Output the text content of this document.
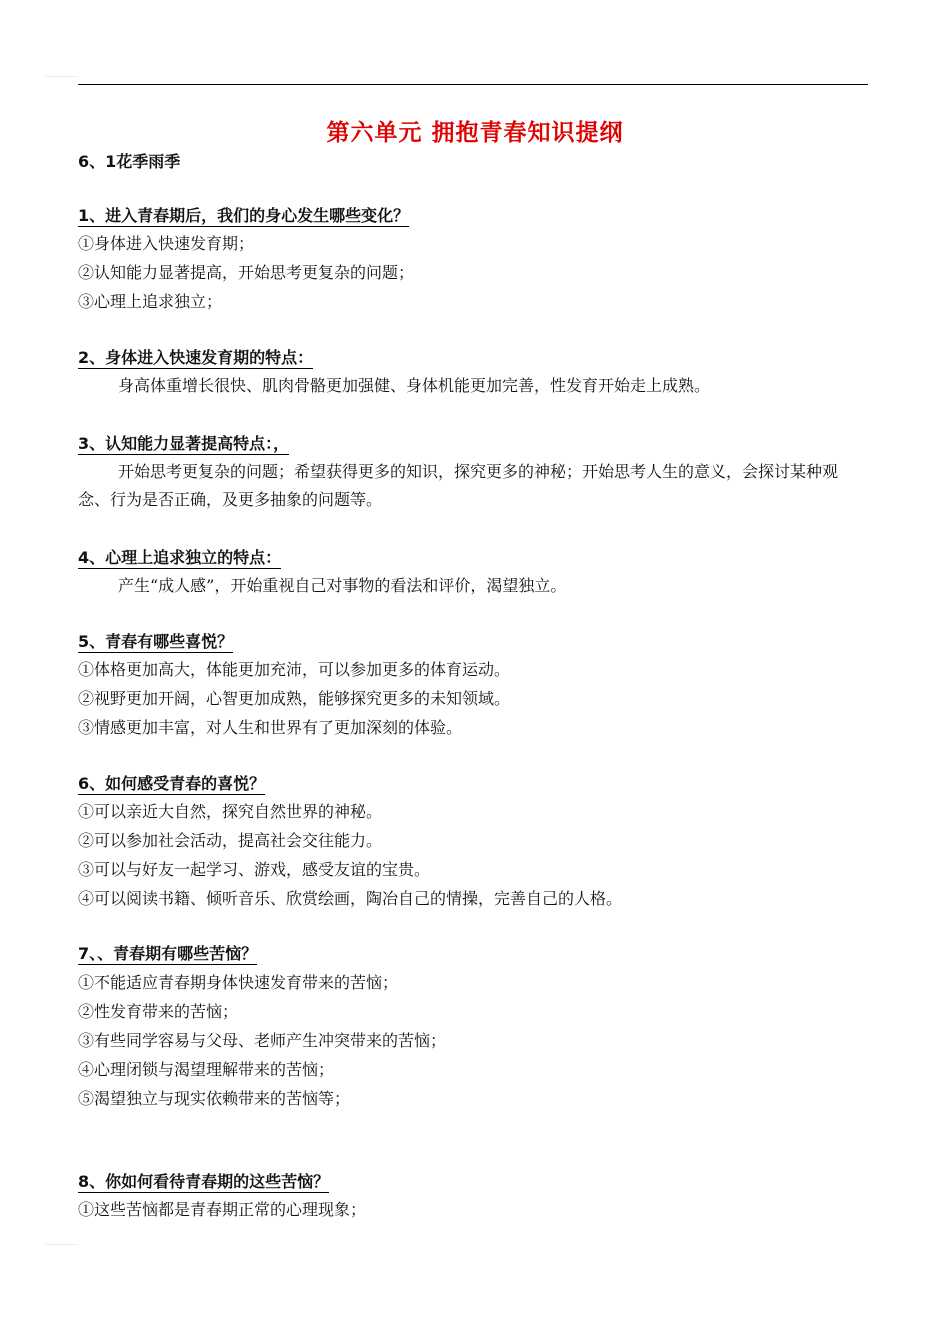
第六单元 拥抱青春知识提纲
6、1花季雨季
1、进入青春期后，我们的身心发生哪些变化？
①身体进入快速发育期；
②认知能力显著提高，开始思考更复杂的问题；
③心理上追求独立；
2、身体进入快速发育期的特点：
身高体重增长很快、肌肉骨骼更加强健、身体机能更加完善，性发育开始走上成熟。
3、认知能力显著提高特点：，
开始思考更复杂的问题；希望获得更多的知识，探究更多的神秘；开始思考人生的意义，会探讨某种观念、行为是否正确，及更多抽象的问题等。
4、心理上追求独立的特点：
产生“成人感”，开始重视自己对事物的看法和评价，渴望独立。
5、青春有哪些喜悦？
①体格更加高大，体能更加充沛，可以参加更多的体育运动。
②视野更加开阔，心智更加成熟，能够探究更多的未知领域。
③情感更加丰富，对人生和世界有了更加深刻的体验。
6、如何感受青春的喜悦？
①可以亲近大自然，探究自然世界的神秘。
②可以参加社会活动，提高社会交往能力。
③可以与好友一起学习、游戏，感受友谊的宝贵。
④可以阅读书籍、倾听音乐、欣赏绘画，陶冶自己的情操，完善自己的人格。
7、、青春期有哪些苦恼？
①不能适应青春期身体快速发育带来的苦恼；
②性发育带来的苦恼；
③有些同学容易与父母、老师产生冲突带来的苦恼；
④心理闭锁与渴望理解带来的苦恼；
⑤渴望独立与现实依赖带来的苦恼等；
8、你如何看待青春期的这些苦恼？
①这些苦恼都是青春期正常的心理现象；
